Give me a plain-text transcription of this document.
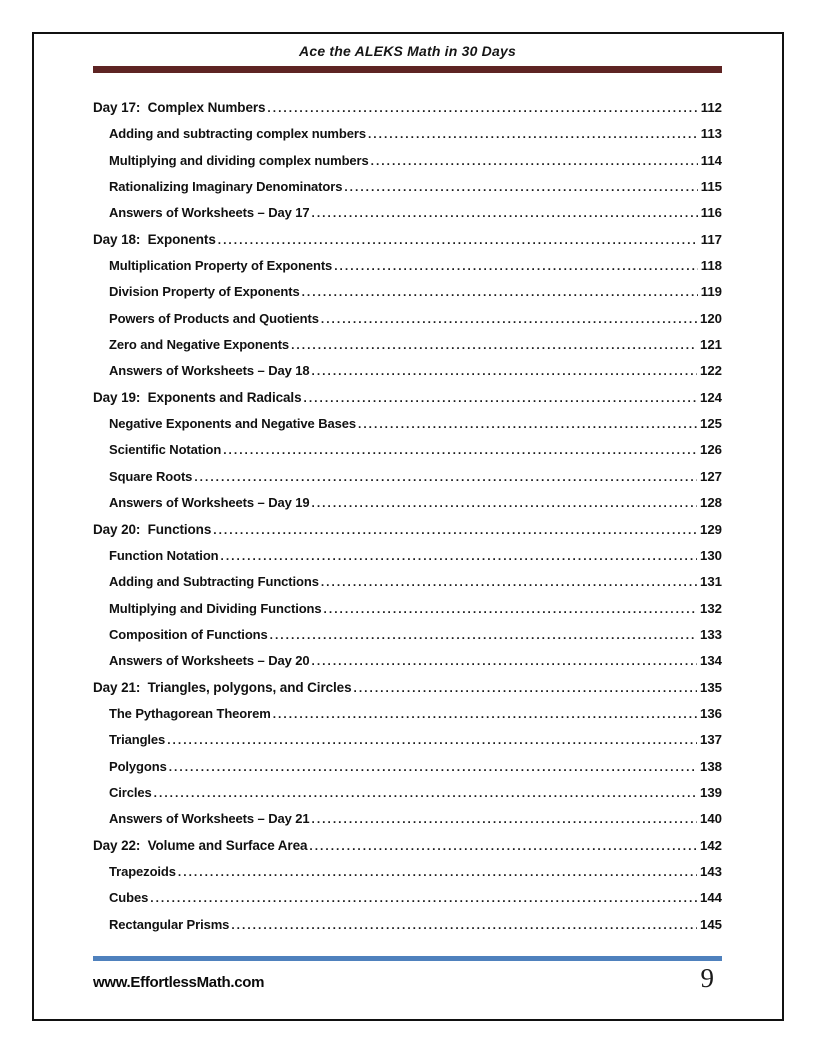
Ace the ALEKS Math in 30 Days
Day 17:  Complex Numbers .....	112
Adding and subtracting complex numbers .....	113
Multiplying and dividing complex numbers .....	114
Rationalizing Imaginary Denominators .....	115
Answers of Worksheets – Day 17 .....	116
Day 18:  Exponents .....	117
Multiplication Property of Exponents .....	118
Division Property of Exponents .....	119
Powers of Products and Quotients .....	120
Zero and Negative Exponents .....	121
Answers of Worksheets – Day 18 .....	122
Day 19:  Exponents and Radicals .....	124
Negative Exponents and Negative Bases .....	125
Scientific Notation .....	126
Square Roots .....	127
Answers of Worksheets – Day 19 .....	128
Day 20:  Functions .....	129
Function Notation .....	130
Adding and Subtracting Functions .....	131
Multiplying and Dividing Functions .....	132
Composition of Functions .....	133
Answers of Worksheets – Day 20 .....	134
Day 21:  Triangles, polygons, and Circles .....	135
The Pythagorean Theorem .....	136
Triangles .....	137
Polygons .....	138
Circles .....	139
Answers of Worksheets – Day 21 .....	140
Day 22:  Volume and Surface Area .....	142
Trapezoids .....	143
Cubes .....	144
Rectangular Prisms .....	145
www.EffortlessMath.com	9
